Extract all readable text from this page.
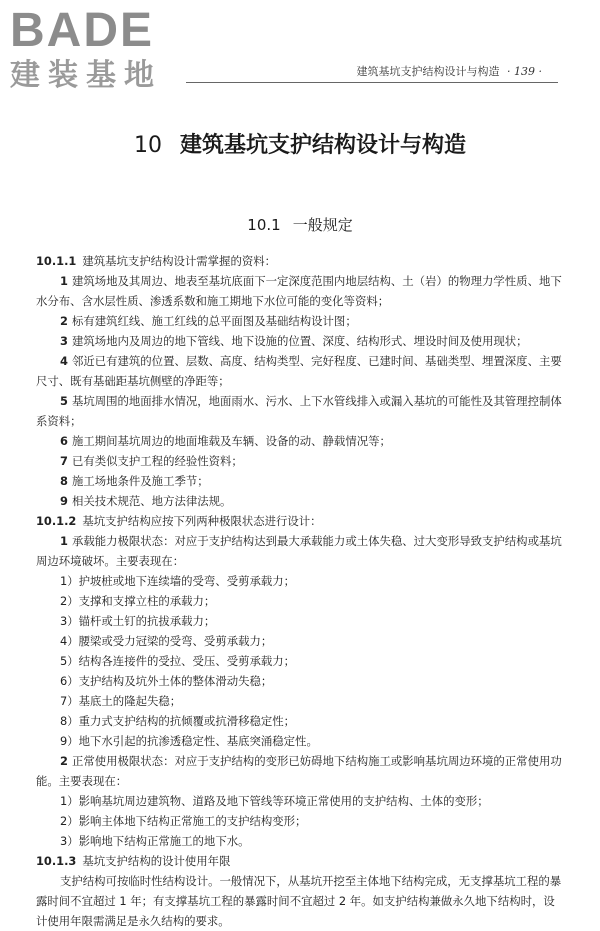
BADE
建装基地	建筑基坑支护结构设计与构造 · 139 ·
10 建筑基坑支护结构设计与构造
10.1 一般规定
10.1.1 建筑基坑支护结构设计需掌握的资料：
1 建筑场地及其周边、地表至基坑底面下一定深度范围内地层结构、土（岩）的物理力学性质、地下水分布、含水层性质、渗透系数和施工期地下水位可能的变化等资料；
2 标有建筑红线、施工红线的总平面图及基础结构设计图；
3 建筑场地内及周边的地下管线、地下设施的位置、深度、结构形式、埋设时间及使用现状；
4 邻近已有建筑的位置、层数、高度、结构类型、完好程度、已建时间、基础类型、埋置深度、主要尺寸、既有基础距基坑侧壁的净距等；
5 基坑周围的地面排水情况，地面雨水、污水、上下水管线排入或漏入基坑的可能性及其管理控制体系资料；
6 施工期间基坑周边的地面堆载及车辆、设备的动、静载情况等；
7 已有类似支护工程的经验性资料；
8 施工场地条件及施工季节；
9 相关技术规范、地方法律法规。
10.1.2 基坑支护结构应按下列两种极限状态进行设计：
1 承载能力极限状态：对应于支护结构达到最大承载能力或土体失稳、过大变形导致支护结构或基坑周边环境破坏。主要表现在：
1）护坡桩或地下连续墙的受弯、受剪承载力；
2）支撑和支撑立柱的承载力；
3）锚杆或土钉的抗拔承载力；
4）腰梁或受力冠梁的受弯、受剪承载力；
5）结构各连接件的受拉、受压、受剪承载力；
6）支护结构及坑外土体的整体滑动失稳；
7）基底土的隆起失稳；
8）重力式支护结构的抗倾覆或抗滑移稳定性；
9）地下水引起的抗渗透稳定性、基底突涌稳定性。
2 正常使用极限状态：对应于支护结构的变形已妨碍地下结构施工或影响基坑周边环境的正常使用功能。主要表现在：
1）影响基坑周边建筑物、道路及地下管线等环境正常使用的支护结构、土体的变形；
2）影响主体地下结构正常施工的支护结构变形；
3）影响地下结构正常施工的地下水。
10.1.3 基坑支护结构的设计使用年限
支护结构可按临时性结构设计。一般情况下，从基坑开挖至主体地下结构完成，无支撑基坑工程的暴露时间不宜超过 1 年；有支撑基坑工程的暴露时间不宜超过 2 年。如支护结构兼做永久地下结构时，设计使用年限需满足是永久结构的要求。
